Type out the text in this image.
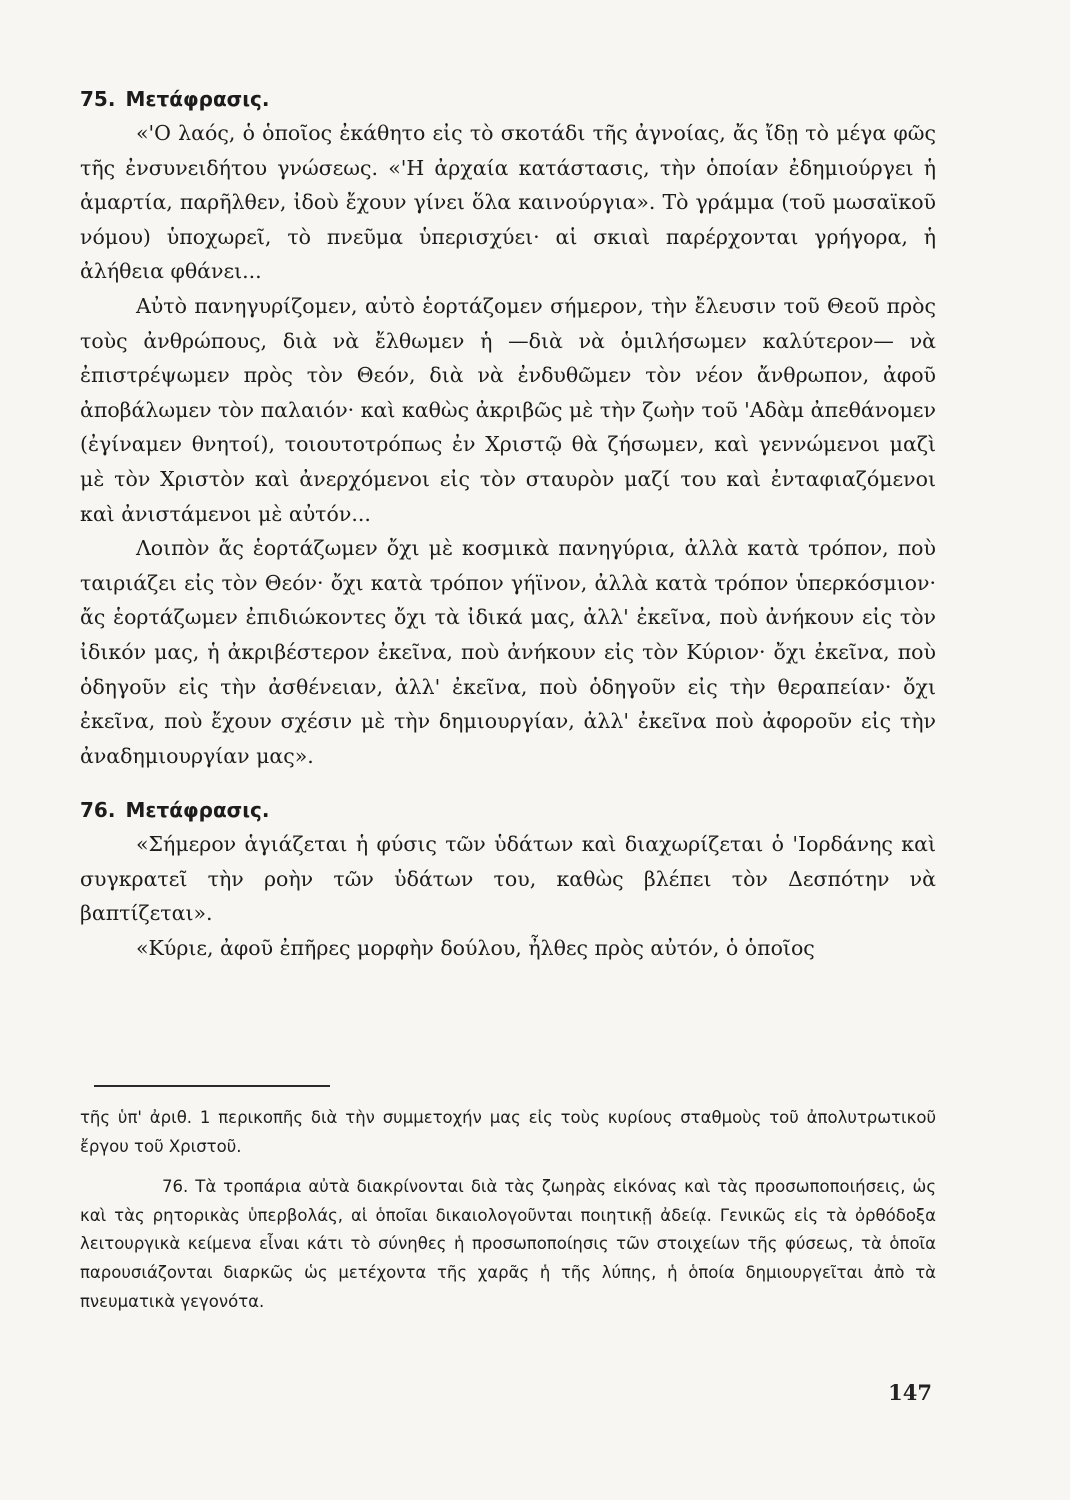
75. Μετάφρασις.

«'Ο λαός, ὁ ὁποῖος ἐκάθητο εἰς τὸ σκοτάδι τῆς ἀγνοίας, ἄς ἴδῃ τὸ μέγα φῶς τῆς ἐνσυνειδήτου γνώσεως. «'Η ἀρχαία κατάστασις, τὴν ὁποίαν ἐδημιούργει ἡ ἁμαρτία, παρῆλθεν, ἰδοὺ ἔχουν γίνει ὅλα καινούργια». Τὸ γράμμα (τοῦ μωσαϊκοῦ νόμου) ὑποχωρεῖ, τὸ πνεῦμα ὑπερισχύει· αἱ σκιαὶ παρέρχονται γρήγορα, ἡ ἀλήθεια φθάνει...

Αὐτὸ πανηγυρίζομεν, αὐτὸ ἑορτάζομεν σήμερον, τὴν ἔλευσιν τοῦ Θεοῦ πρὸς τοὺς ἀνθρώπους, διὰ νὰ ἔλθωμεν ἡ —διὰ νὰ ὁμιλήσωμεν καλύτερον— νὰ ἐπιστρέψωμεν πρὸς τὸν Θεόν, διὰ νὰ ἐνδυθῶμεν τὸν νέον ἄνθρωπον, ἀφοῦ ἀποβάλωμεν τὸν παλαιόν· καὶ καθὼς ἀκριβῶς μὲ τὴν ζωὴν τοῦ 'Αδὰμ ἀπεθάνομεν (ἐγίναμεν θνητοί), τοιουτοτρόπως ἐν Χριστῷ θὰ ζήσωμεν, καὶ γεννώμενοι μαζὶ μὲ τὸν Χριστὸν καὶ ἀνερχόμενοι εἰς τὸν σταυρὸν μαζί του καὶ ἐνταφιαζόμενοι καὶ ἀνιστάμενοι μὲ αὐτόν...

Λοιπὸν ἄς ἑορτάζωμεν ὄχι μὲ κοσμικὰ πανηγύρια, ἀλλὰ κατὰ τρόπον, ποὺ ταιριάζει εἰς τὸν Θεόν· ὄχι κατὰ τρόπον γήϊνον, ἀλλὰ κατὰ τρόπον ὑπερκόσμιον· ἄς ἑορτάζωμεν ἐπιδιώκοντες ὄχι τὰ ἰδικά μας, ἀλλ' ἐκεῖνα, ποὺ ἀνήκουν εἰς τὸν ἰδικόν μας, ἡ ἀκριβέστερον ἐκεῖνα, ποὺ ἀνήκουν εἰς τὸν Κύριον· ὄχι ἐκεῖνα, ποὺ ὁδηγοῦν εἰς τὴν ἀσθένειαν, ἀλλ' ἐκεῖνα, ποὺ ὁδηγοῦν εἰς τὴν θεραπείαν· ὄχι ἐκεῖνα, ποὺ ἔχουν σχέσιν μὲ τὴν δημιουργίαν, ἀλλ' ἐκεῖνα ποὺ ἀφοροῦν εἰς τὴν ἀναδημιουργίαν μας».

76. Μετάφρασις.

«Σήμερον ἁγιάζεται ἡ φύσις τῶν ὑδάτων καὶ διαχωρίζεται ὁ 'Ιορδάνης καὶ συγκρατεῖ τὴν ροὴν τῶν ὑδάτων του, καθὼς βλέπει τὸν Δεσπότην νὰ βαπτίζεται».

«Κύριε, ἀφοῦ ἐπῆρες μορφὴν δούλου, ἦλθες πρὸς αὐτόν, ὁ ὁποῖος

τῆς ὑπ' ἀριθ. 1 περικοπῆς διὰ τὴν συμμετοχήν μας εἰς τοὺς κυρίους σταθμοὺς τοῦ ἀπολυτρωτικοῦ ἔργου τοῦ Χριστοῦ.

76. Τὰ τροπάρια αὐτὰ διακρίνονται διὰ τὰς ζωηρὰς εἰκόνας καὶ τὰς προσωποποιήσεις, ὡς καὶ τὰς ρητορικὰς ὑπερβολάς, αἱ ὁποῖαι δικαιολογοῦνται ποιητικῇ ἀδείᾳ. Γενικῶς εἰς τὰ ὀρθόδοξα λειτουργικὰ κείμενα εἶναι κάτι τὸ σύνηθες ἡ προσωποποίησις τῶν στοιχείων τῆς φύσεως, τὰ ὁποῖα παρουσιάζονται διαρκῶς ὡς μετέχοντα τῆς χαρᾶς ἡ τῆς λύπης, ἡ ὁποία δημιουργεῖται ἀπὸ τὰ πνευματικὰ γεγονότα.

147
